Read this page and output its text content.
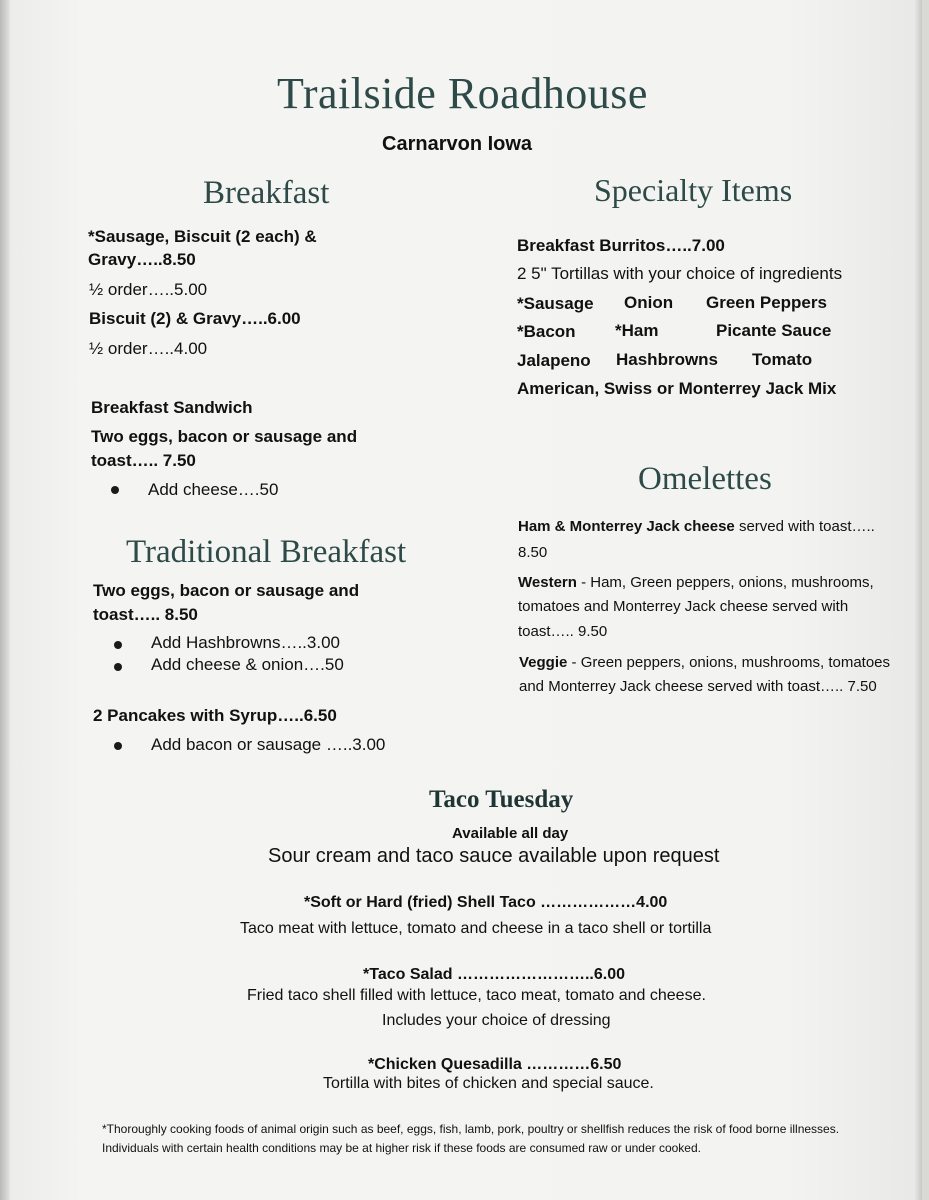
Trailside Roadhouse
Carnarvon Iowa
Breakfast
*Sausage, Biscuit (2 each) &
Gravy…..8.50
½ order…..5.00
Biscuit (2) & Gravy…..6.00
½ order…..4.00
Breakfast Sandwich
Two eggs, bacon or sausage and
toast….. 7.50
Add cheese….50
Traditional Breakfast
Two eggs, bacon or sausage and
toast….. 8.50
Add Hashbrowns…..3.00
Add cheese & onion….50
2 Pancakes with Syrup…..6.50
Add bacon or sausage …..3.00
Specialty Items
Breakfast Burritos…..7.00
2 5" Tortillas with your choice of ingredients
*Sausage Onion Green Peppers
*Bacon *Ham	Picante Sauce
Jalapeno Hashbrowns Tomato
American, Swiss or Monterrey Jack Mix
Omelettes
Ham & Monterrey Jack cheese served with toast…..
8.50
Western - Ham, Green peppers, onions, mushrooms,
tomatoes and Monterrey Jack cheese served with
toast….. 9.50
Veggie - Green peppers, onions, mushrooms, tomatoes
and Monterrey Jack cheese served with toast….. 7.50
Taco Tuesday
Available all day
Sour cream and taco sauce available upon request
*Soft or Hard (fried) Shell Taco ………………4.00
Taco meat with lettuce, tomato and cheese in a taco shell or tortilla
*Taco Salad ……………………..6.00
Fried taco shell filled with lettuce, taco meat, tomato and cheese.
Includes your choice of dressing
*Chicken Quesadilla …………6.50
Tortilla with bites of chicken and special sauce.
*Thoroughly cooking foods of animal origin such as beef, eggs, fish, lamb, pork, poultry or shellfish reduces the risk of food borne illnesses.
Individuals with certain health conditions may be at higher risk if these foods are consumed raw or under cooked.
